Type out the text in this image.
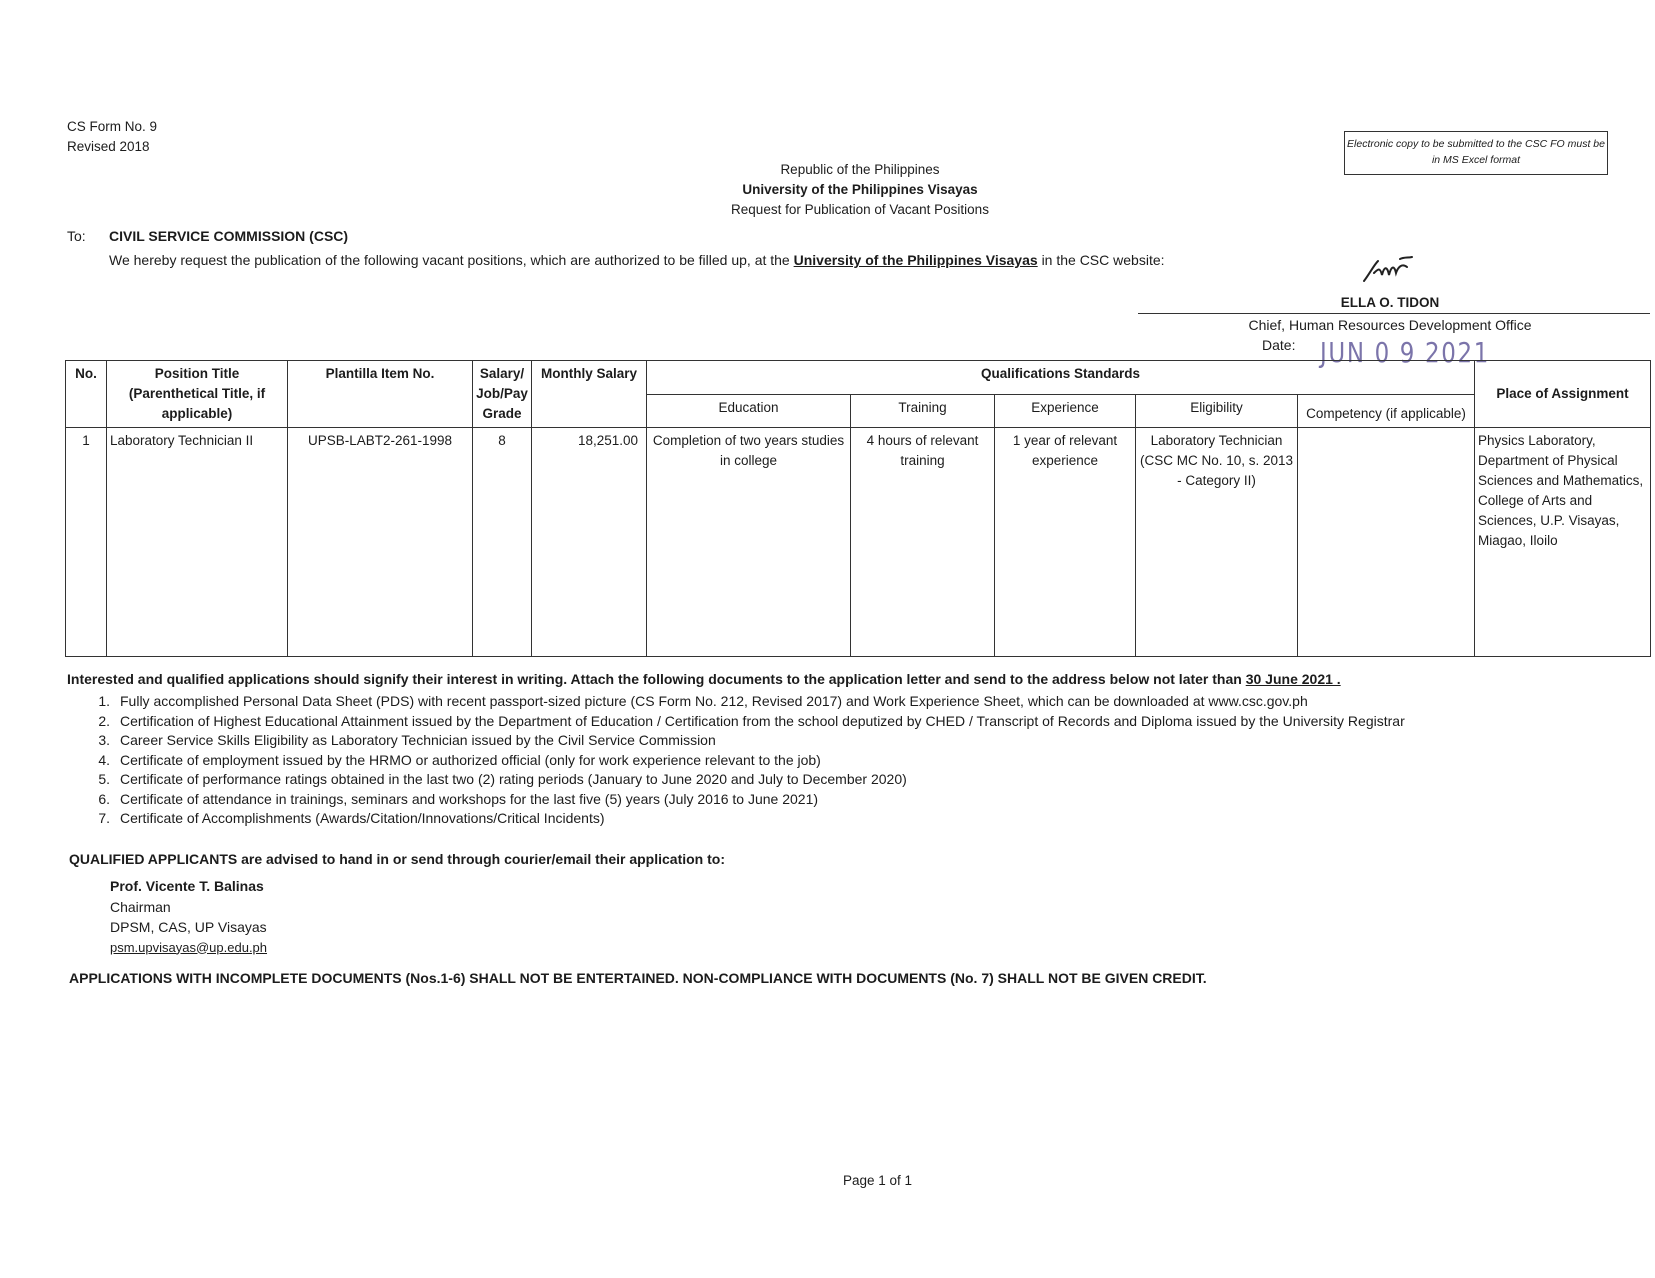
CS Form No. 9
Revised 2018	Electronic copy to be submitted to the CSC FO must be in MS Excel format
Republic of the Philippines
University of the Philippines Visayas
Request for Publication of Vacant Positions
To: CIVIL SERVICE COMMISSION (CSC)
We hereby request the publication of the following vacant positions, which are authorized to be filled up, at the University of the Philippines Visayas in the CSC website:
ELLA O. TIDON
Chief, Human Resources Development Office
Date: JUN 0 9 2021
No.	Position Title (Parenthetical Title, if applicable)	Plantilla Item No.	Salary/ Job/Pay Grade	Monthly Salary	Qualifications Standards					Place of Assignment
					Education	Training	Experience	Eligibility	Competency (if applicable)	
1	Laboratory Technician II	UPSB-LABT2-261-1998	8	18,251.00	Completion of two years studies in college	4 hours of relevant training	1 year of relevant experience	Laboratory Technician (CSC MC No. 10, s. 2013 - Category II)		Physics Laboratory, Department of Physical Sciences and Mathematics, College of Arts and Sciences, U.P. Visayas, Miagao, Iloilo
Interested and qualified applications should signify their interest in writing. Attach the following documents to the application letter and send to the address below not later than 30 June 2021 .
1. Fully accomplished Personal Data Sheet (PDS) with recent passport-sized picture (CS Form No. 212, Revised 2017) and Work Experience Sheet, which can be downloaded at www.csc.gov.ph
2. Certification of Highest Educational Attainment issued by the Department of Education / Certification from the school deputized by CHED / Transcript of Records and Diploma issued by the University Registrar
3. Career Service Skills Eligibility as Laboratory Technician issued by the Civil Service Commission
4. Certificate of employment issued by the HRMO or authorized official (only for work experience relevant to the job)
5. Certificate of performance ratings obtained in the last two (2) rating periods (January to June 2020 and July to December 2020)
6. Certificate of attendance in trainings, seminars and workshops for the last five (5) years (July 2016 to June 2021)
7. Certificate of Accomplishments (Awards/Citation/Innovations/Critical Incidents)
QUALIFIED APPLICANTS are advised to hand in or send through courier/email their application to:
Prof. Vicente T. Balinas
Chairman
DPSM, CAS, UP Visayas
psm.upvisayas@up.edu.ph
APPLICATIONS WITH INCOMPLETE DOCUMENTS (Nos.1-6) SHALL NOT BE ENTERTAINED. NON-COMPLIANCE WITH DOCUMENTS (No. 7) SHALL NOT BE GIVEN CREDIT.
Page 1 of 1
